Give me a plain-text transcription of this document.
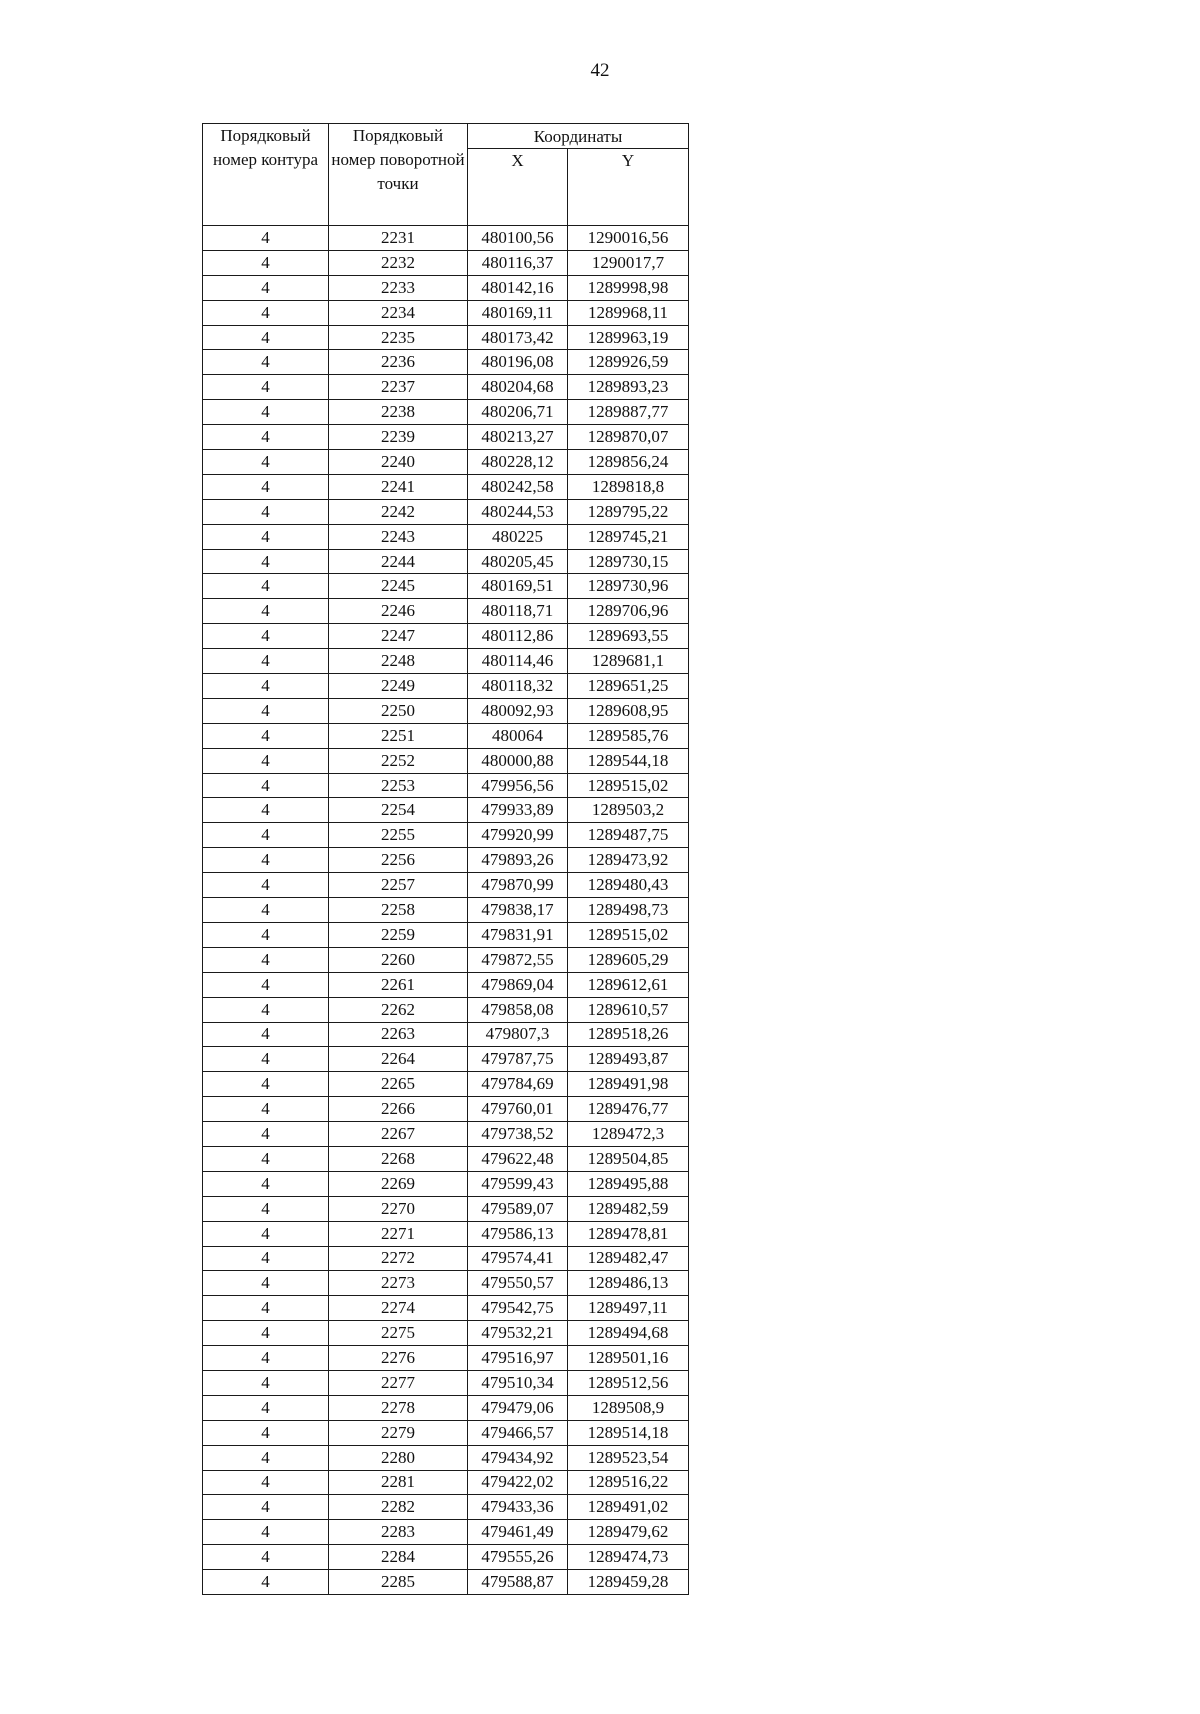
42
Порядковый номер контура	Порядковый номер поворотной точки	Координаты	
		X	Y
4	2231	480100,56	1290016,56
4	2232	480116,37	1290017,7
4	2233	480142,16	1289998,98
4	2234	480169,11	1289968,11
4	2235	480173,42	1289963,19
4	2236	480196,08	1289926,59
4	2237	480204,68	1289893,23
4	2238	480206,71	1289887,77
4	2239	480213,27	1289870,07
4	2240	480228,12	1289856,24
4	2241	480242,58	1289818,8
4	2242	480244,53	1289795,22
4	2243	480225	1289745,21
4	2244	480205,45	1289730,15
4	2245	480169,51	1289730,96
4	2246	480118,71	1289706,96
4	2247	480112,86	1289693,55
4	2248	480114,46	1289681,1
4	2249	480118,32	1289651,25
4	2250	480092,93	1289608,95
4	2251	480064	1289585,76
4	2252	480000,88	1289544,18
4	2253	479956,56	1289515,02
4	2254	479933,89	1289503,2
4	2255	479920,99	1289487,75
4	2256	479893,26	1289473,92
4	2257	479870,99	1289480,43
4	2258	479838,17	1289498,73
4	2259	479831,91	1289515,02
4	2260	479872,55	1289605,29
4	2261	479869,04	1289612,61
4	2262	479858,08	1289610,57
4	2263	479807,3	1289518,26
4	2264	479787,75	1289493,87
4	2265	479784,69	1289491,98
4	2266	479760,01	1289476,77
4	2267	479738,52	1289472,3
4	2268	479622,48	1289504,85
4	2269	479599,43	1289495,88
4	2270	479589,07	1289482,59
4	2271	479586,13	1289478,81
4	2272	479574,41	1289482,47
4	2273	479550,57	1289486,13
4	2274	479542,75	1289497,11
4	2275	479532,21	1289494,68
4	2276	479516,97	1289501,16
4	2277	479510,34	1289512,56
4	2278	479479,06	1289508,9
4	2279	479466,57	1289514,18
4	2280	479434,92	1289523,54
4	2281	479422,02	1289516,22
4	2282	479433,36	1289491,02
4	2283	479461,49	1289479,62
4	2284	479555,26	1289474,73
4	2285	479588,87	1289459,28
